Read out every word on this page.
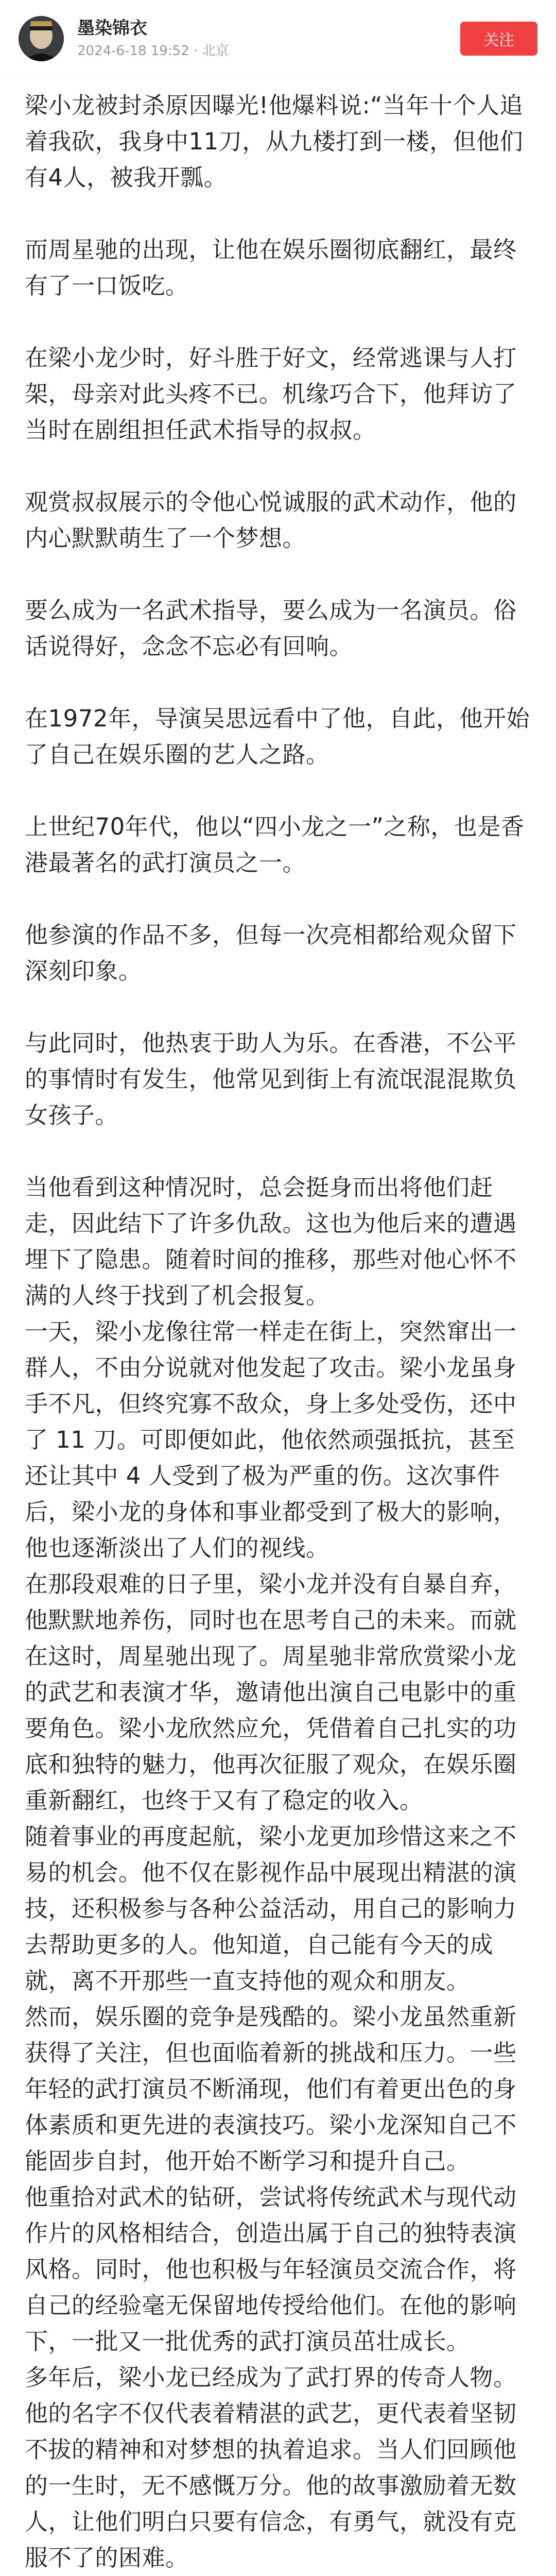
墨染锦衣
2024-6-18 19:52 · 北京
关注

梁小龙被封杀原因曝光!他爆料说:“当年十个人追着我砍，我身中11刀，从九楼打到一楼，但他们有4人，被我开瓢。

而周星驰的出现，让他在娱乐圈彻底翻红，最终有了一口饭吃。

在梁小龙少时，好斗胜于好文，经常逃课与人打架，母亲对此头疼不已。机缘巧合下，他拜访了当时在剧组担任武术指导的叔叔。

观赏叔叔展示的令他心悦诚服的武术动作，他的内心默默萌生了一个梦想。

要么成为一名武术指导，要么成为一名演员。俗话说得好，念念不忘必有回响。

在1972年，导演吴思远看中了他，自此，他开始了自己在娱乐圈的艺人之路。

上世纪70年代，他以“四小龙之一”之称，也是香港最著名的武打演员之一。

他参演的作品不多，但每一次亮相都给观众留下深刻印象。

与此同时，他热衷于助人为乐。在香港，不公平的事情时有发生，他常见到街上有流氓混混欺负女孩子。

当他看到这种情况时，总会挺身而出将他们赶走，因此结下了许多仇敌。这也为他后来的遭遇埋下了隐患。随着时间的推移，那些对他心怀不满的人终于找到了机会报复。
一天，梁小龙像往常一样走在街上，突然窜出一群人，不由分说就对他发起了攻击。梁小龙虽身手不凡，但终究寡不敌众，身上多处受伤，还中了 11 刀。可即便如此，他依然顽强抵抗，甚至还让其中 4 人受到了极为严重的伤。这次事件后，梁小龙的身体和事业都受到了极大的影响，他也逐渐淡出了人们的视线。
在那段艰难的日子里，梁小龙并没有自暴自弃，他默默地养伤，同时也在思考自己的未来。而就在这时，周星驰出现了。周星驰非常欣赏梁小龙的武艺和表演才华，邀请他出演自己电影中的重要角色。梁小龙欣然应允，凭借着自己扎实的功底和独特的魅力，他再次征服了观众，在娱乐圈重新翻红，也终于又有了稳定的收入。
随着事业的再度起航，梁小龙更加珍惜这来之不易的机会。他不仅在影视作品中展现出精湛的演技，还积极参与各种公益活动，用自己的影响力去帮助更多的人。他知道，自己能有今天的成就，离不开那些一直支持他的观众和朋友。
然而，娱乐圈的竞争是残酷的。梁小龙虽然重新获得了关注，但也面临着新的挑战和压力。一些年轻的武打演员不断涌现，他们有着更出色的身体素质和更先进的表演技巧。梁小龙深知自己不能固步自封，他开始不断学习和提升自己。
他重拾对武术的钻研，尝试将传统武术与现代动作片的风格相结合，创造出属于自己的独特表演风格。同时，他也积极与年轻演员交流合作，将自己的经验毫无保留地传授给他们。在他的影响下，一批又一批优秀的武打演员茁壮成长。
多年后，梁小龙已经成为了武打界的传奇人物。他的名字不仅代表着精湛的武艺，更代表着坚韧不拔的精神和对梦想的执着追求。当人们回顾他的一生时，无不感慨万分。他的故事激励着无数人，让他们明白只要有信念，有勇气，就没有克服不了的困难。
